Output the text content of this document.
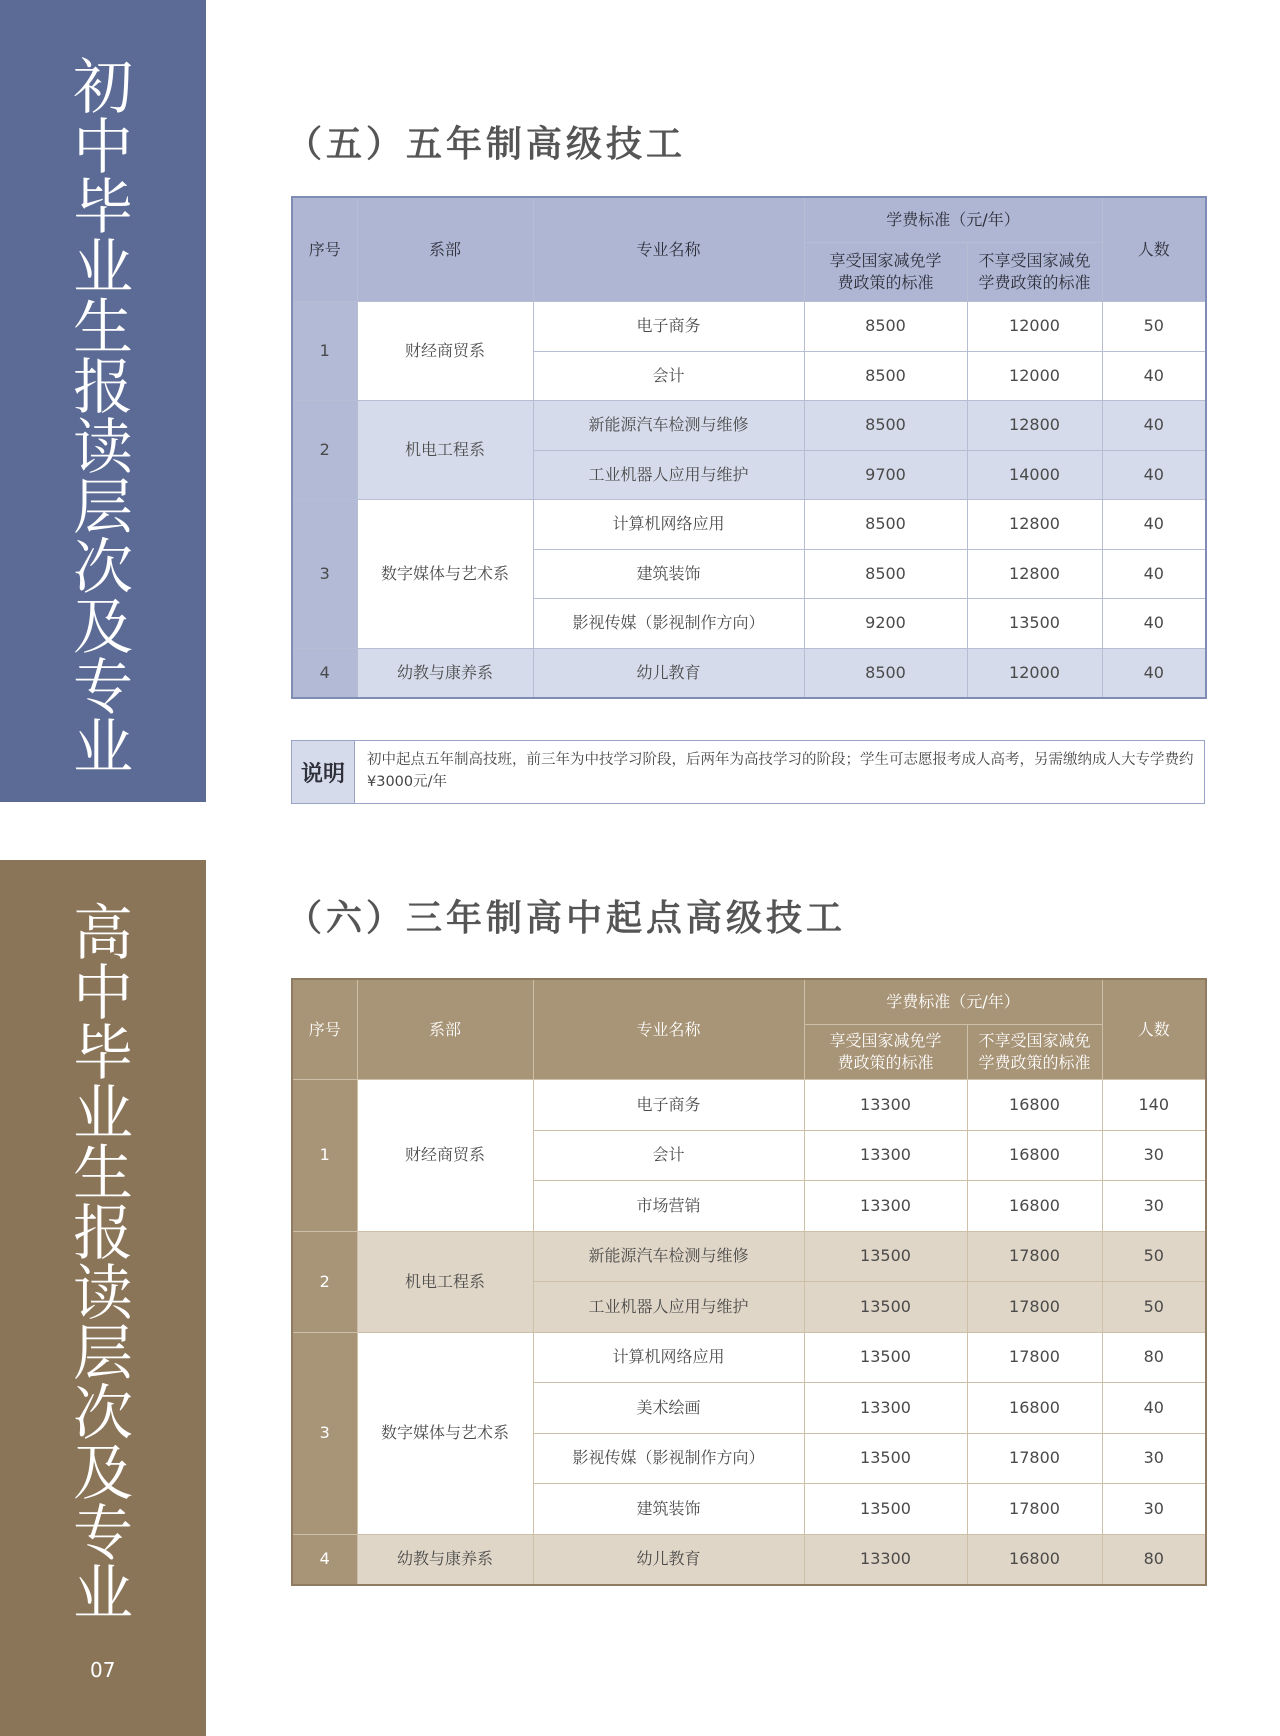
初中毕业生报读层次及专业
高中毕业生报读层次及专业
07
（五）五年制高级技工
序号	系部	专业名称	学费标准（元/年）		人数

			享受国家减免学费政策的标准	不享受国家减免学费政策的标准	

1	财经商贸系	电子商务	8500	12000	50
		会计	8500	12000	40
2	机电工程系	新能源汽车检测与维修	8500	12800	40
		工业机器人应用与维护	9700	14000	40
3	数字媒体与艺术系	计算机网络应用	8500	12800	40
		建筑装饰	8500	12800	40
		影视传媒（影视制作方向）	9200	13500	40
4	幼教与康养系	幼儿教育	8500	12000	40
说明
初中起点五年制高技班，前三年为中技学习阶段，后两年为高技学习的阶段；学生可志愿报考成人高考，另需缴纳成人大专学费约¥3000元/年
（六）三年制高中起点高级技工
序号	系部	专业名称	学费标准（元/年）		人数

			享受国家减免学费政策的标准	不享受国家减免学费政策的标准	

1	财经商贸系	电子商务	13300	16800	140
		会计	13300	16800	30
		市场营销	13300	16800	30
2	机电工程系	新能源汽车检测与维修	13500	17800	50
		工业机器人应用与维护	13500	17800	50
3	数字媒体与艺术系	计算机网络应用	13500	17800	80
		美术绘画	13300	16800	40
		影视传媒（影视制作方向）	13500	17800	30
		建筑装饰	13500	17800	30
4	幼教与康养系	幼儿教育	13300	16800	80
